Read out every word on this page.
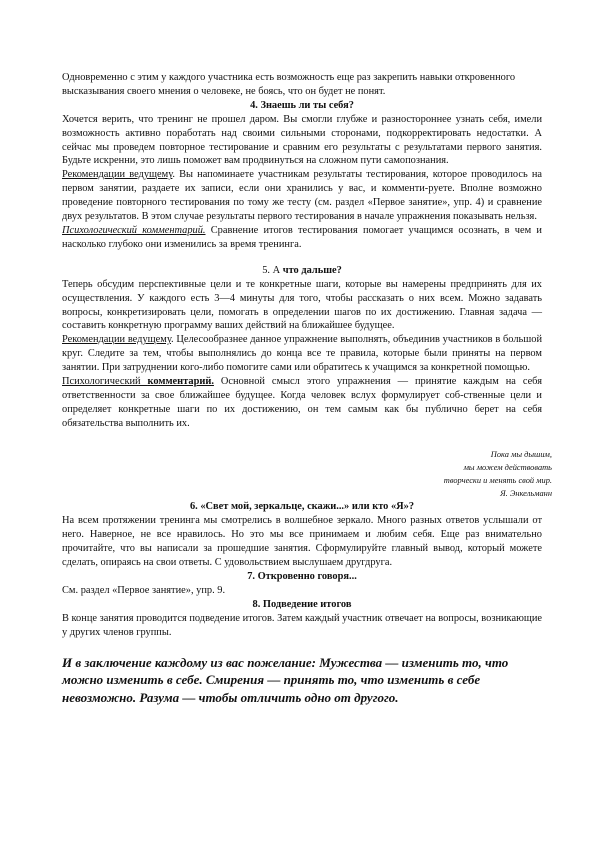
Одновременно с этим у каждого участника есть возможность еще раз закрепить навыки откровенного высказывания своего мнения о человеке, не боясь, что он будет не понят.

4. Знаешь ли ты себя?

Хочется верить, что тренинг не прошел даром. Вы смогли глубже и разностороннее узнать себя, имели возможность активно поработать над своими сильными сторонами, подкорректировать недостатки. А сейчас мы проведем повторное тестирование и сравним его результаты с результатами первого занятия. Будьте искренни, это лишь поможет вам продвинуться на сложном пути самопознания.

Рекомендации ведущему. Вы напоминаете участникам результаты тестирования, которое проводилось на первом занятии, раздаете их записи, если они хранились у вас, и комменти-руете. Вполне возможно проведение повторного тестирования по тому же тесту (см. раздел «Первое занятие», упр. 4) и сравнение двух результатов. В этом случае результаты первого тестирования в начале упражнения показывать нельзя.

Психологический комментарий. Сравнение итогов тестирования помогает учащимся осознать, в чем и насколько глубоко они изменились за время тренинга.

5. А что дальше?

Теперь обсудим перспективные цели и те конкретные шаги, которые вы намерены предпринять для их осуществления. У каждого есть 3—4 минуты для того, чтобы рассказать о них всем. Можно задавать вопросы, конкретизировать цели, помогать в определении шагов по их достижению. Главная задача — составить конкретную программу ваших действий на ближайшее будущее.

Рекомендации ведущему. Целесообразнее данное упражнение выполнять, объединив участников в большой круг. Следите за тем, чтобы выполнялись до конца все те правила, которые были приняты на первом занятии. При затруднении кого-либо помогите сами или обратитесь к учащимся за конкретной помощью.

Психологический комментарий. Основной смысл этого упражнения — принятие каждым на себя ответственности за свое ближайшее будущее. Когда человек вслух формулирует соб-ственные цели и определяет конкретные шаги по их достижению, он тем самым как бы публично берет на себя обязательства выполнить их.

Пока мы дышим,
мы можем действовать
творчески и менять свой мир.
Я. Энкельманн

6. «Свет мой, зеркальце, скажи...» или кто «Я»?

На всем протяжении тренинга мы смотрелись в волшебное зеркало. Много разных ответов услышали от него. Наверное, не все нравилось. Но это мы все принимаем и любим себя. Еще раз внимательно прочитайте, что вы написали за прошедшие занятия. Сформулируйте главный вывод, который можете сделать, опираясь на свои ответы. С удовольствием выслушаем другдруга.

7. Откровенно говоря...

См. раздел «Первое занятие», упр. 9.

8. Подведение итогов

В конце занятия проводится подведение итогов. Затем каждый участник отвечает на вопросы, возникающие у других членов группы.

И в заключение каждому из вас пожелание: Мужества — изменить то, что можно изменить в себе. Смирения — принять то, что изменить в себе невозможно. Разума — чтобы отличить одно от другого.
